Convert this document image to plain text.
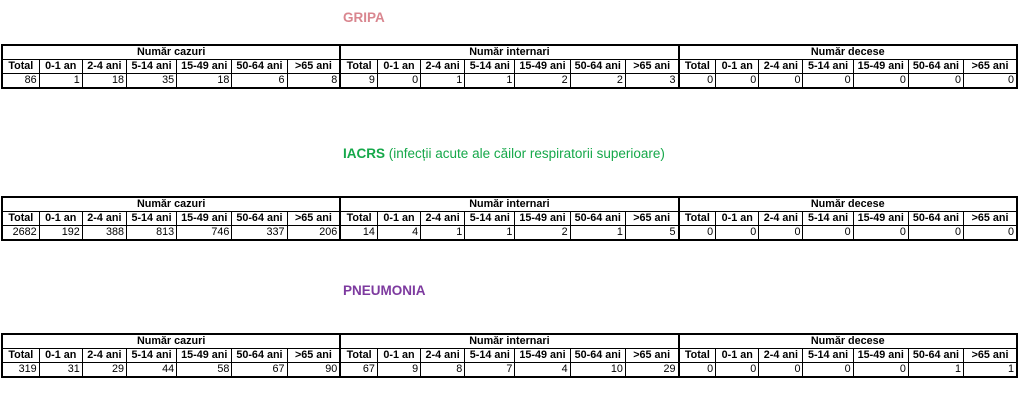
GRIPA
Număr cazuri							Număr internari							Număr decese						
Total	0-1 an	2-4 ani	5-14 ani	15-49 ani	50-64 ani	>65 ani	Total	0-1 an	2-4 ani	5-14 ani	15-49 ani	50-64 ani	>65 ani	Total	0-1 an	2-4 ani	5-14 ani	15-49 ani	50-64 ani	>65 ani
86	1	18	35	18	6	8	9	0	1	1	2	2	3	0	0	0	0	0	0	0
IACRS (infecții acute ale căilor respiratorii superioare)
Număr cazuri							Număr internari							Număr decese						
Total	0-1 an	2-4 ani	5-14 ani	15-49 ani	50-64 ani	>65 ani	Total	0-1 an	2-4 ani	5-14 ani	15-49 ani	50-64 ani	>65 ani	Total	0-1 an	2-4 ani	5-14 ani	15-49 ani	50-64 ani	>65 ani
2682	192	388	813	746	337	206	14	4	1	1	2	1	5	0	0	0	0	0	0	0
PNEUMONIA
Număr cazuri							Număr internari							Număr decese						
Total	0-1 an	2-4 ani	5-14 ani	15-49 ani	50-64 ani	>65 ani	Total	0-1 an	2-4 ani	5-14 ani	15-49 ani	50-64 ani	>65 ani	Total	0-1 an	2-4 ani	5-14 ani	15-49 ani	50-64 ani	>65 ani
319	31	29	44	58	67	90	67	9	8	7	4	10	29	0	0	0	0	0	1	1
